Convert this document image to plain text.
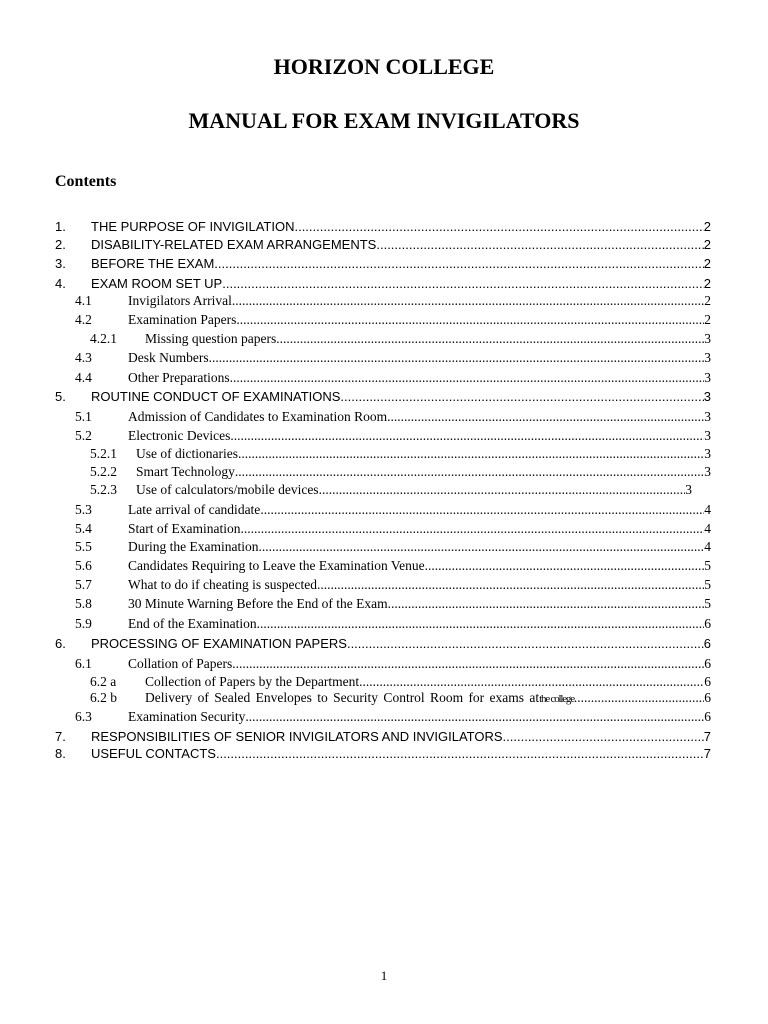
HORIZON COLLEGE
MANUAL FOR EXAM INVIGILATORS
Contents
1.	THE PURPOSE OF INVIGILATION .....	2
2.	DISABILITY-RELATED EXAM ARRANGEMENTS .....	2
3.	BEFORE THE EXAM .....	2
4.	EXAM ROOM SET UP .....	2
4.1	Invigilators Arrival .....	2
4.2	Examination Papers .....	2
4.2.1	Missing question papers .....	3
4.3	Desk Numbers .....	3
4.4	Other Preparations .....	3
5.	ROUTINE CONDUCT OF EXAMINATIONS .....	3
5.1	Admission of Candidates to Examination Room .....	3
5.2	Electronic Devices .....	3
5.2.1	Use of dictionaries .....	3
5.2.2	Smart Technology .....	3
5.2.3	Use of calculators/mobile devices .....	3
5.3	Late arrival of candidate .....	4
5.4	Start of Examination .....	4
5.5	During the Examination .....	4
5.6	Candidates Requiring to Leave the Examination Venue .....	5
5.7	What to do if cheating is suspected .....	5
5.8	30 Minute Warning Before the End of the Exam .....	5
5.9	End of the Examination .....	6
6.	PROCESSING OF EXAMINATION PAPERS .....	6
6.1	Collation of Papers .....	6
6.2 a	Collection of Papers by the Department .....	6
6.2 b	Delivery of Sealed Envelopes to Security Control Room for exams at the college .....	6
6.3	Examination Security .....	6
7.	RESPONSIBILITIES OF SENIOR INVIGILATORS AND INVIGILATORS .....	7
8.	USEFUL CONTACTS .....	7
1
